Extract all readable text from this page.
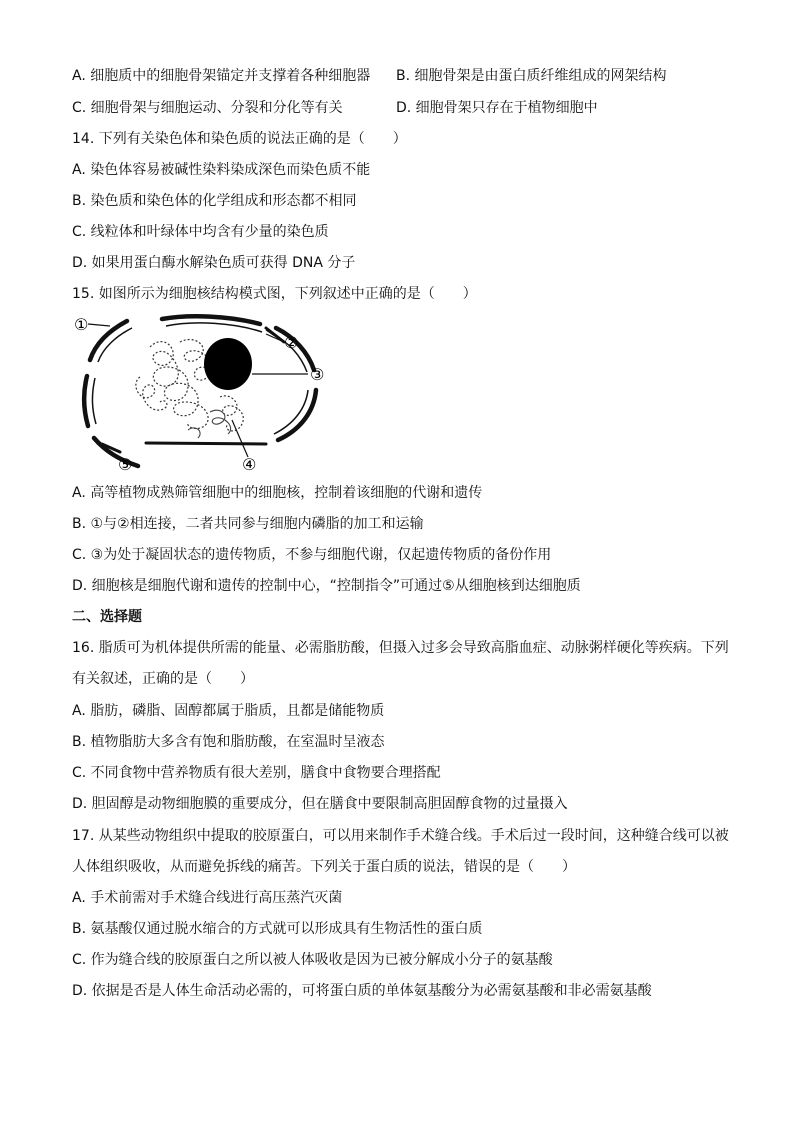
A. 细胞质中的细胞骨架锚定并支撑着各种细胞器 B. 细胞骨架是由蛋白质纤维组成的网架结构
C. 细胞骨架与细胞运动、分裂和分化等有关	D. 细胞骨架只存在于植物细胞中
14. 下列有关染色体和染色质的说法正确的是（　　）
A. 染色体容易被碱性染料染成深色而染色质不能
B. 染色质和染色体的化学组成和形态都不相同
C. 线粒体和叶绿体中均含有少量的染色质
D. 如果用蛋白酶水解染色质可获得 DNA 分子
15. 如图所示为细胞核结构模式图，下列叙述中正确的是（　　）
①
②
③
④
⑤
A. 高等植物成熟筛管细胞中的细胞核，控制着该细胞的代谢和遗传
B. ①与②相连接，二者共同参与细胞内磷脂的加工和运输
C. ③为处于凝固状态的遗传物质，不参与细胞代谢，仅起遗传物质的备份作用
D. 细胞核是细胞代谢和遗传的控制中心，“控制指令”可通过⑤从细胞核到达细胞质
二、选择题
16. 脂质可为机体提供所需的能量、必需脂肪酸，但摄入过多会导致高脂血症、动脉粥样硬化等疾病。下列
有关叙述，正确的是（　　）
A. 脂肪，磷脂、固醇都属于脂质，且都是储能物质
B. 植物脂肪大多含有饱和脂肪酸，在室温时呈液态
C. 不同食物中营养物质有很大差别，膳食中食物要合理搭配
D. 胆固醇是动物细胞膜的重要成分，但在膳食中要限制高胆固醇食物的过量摄入
17. 从某些动物组织中提取的胶原蛋白，可以用来制作手术缝合线。手术后过一段时间，这种缝合线可以被
人体组织吸收，从而避免拆线的痛苦。下列关于蛋白质的说法，错误的是（　　）
A. 手术前需对手术缝合线进行高压蒸汽灭菌
B. 氨基酸仅通过脱水缩合的方式就可以形成具有生物活性的蛋白质
C. 作为缝合线的胶原蛋白之所以被人体吸收是因为已被分解成小分子的氨基酸
D. 依据是否是人体生命活动必需的，可将蛋白质的单体氨基酸分为必需氨基酸和非必需氨基酸
